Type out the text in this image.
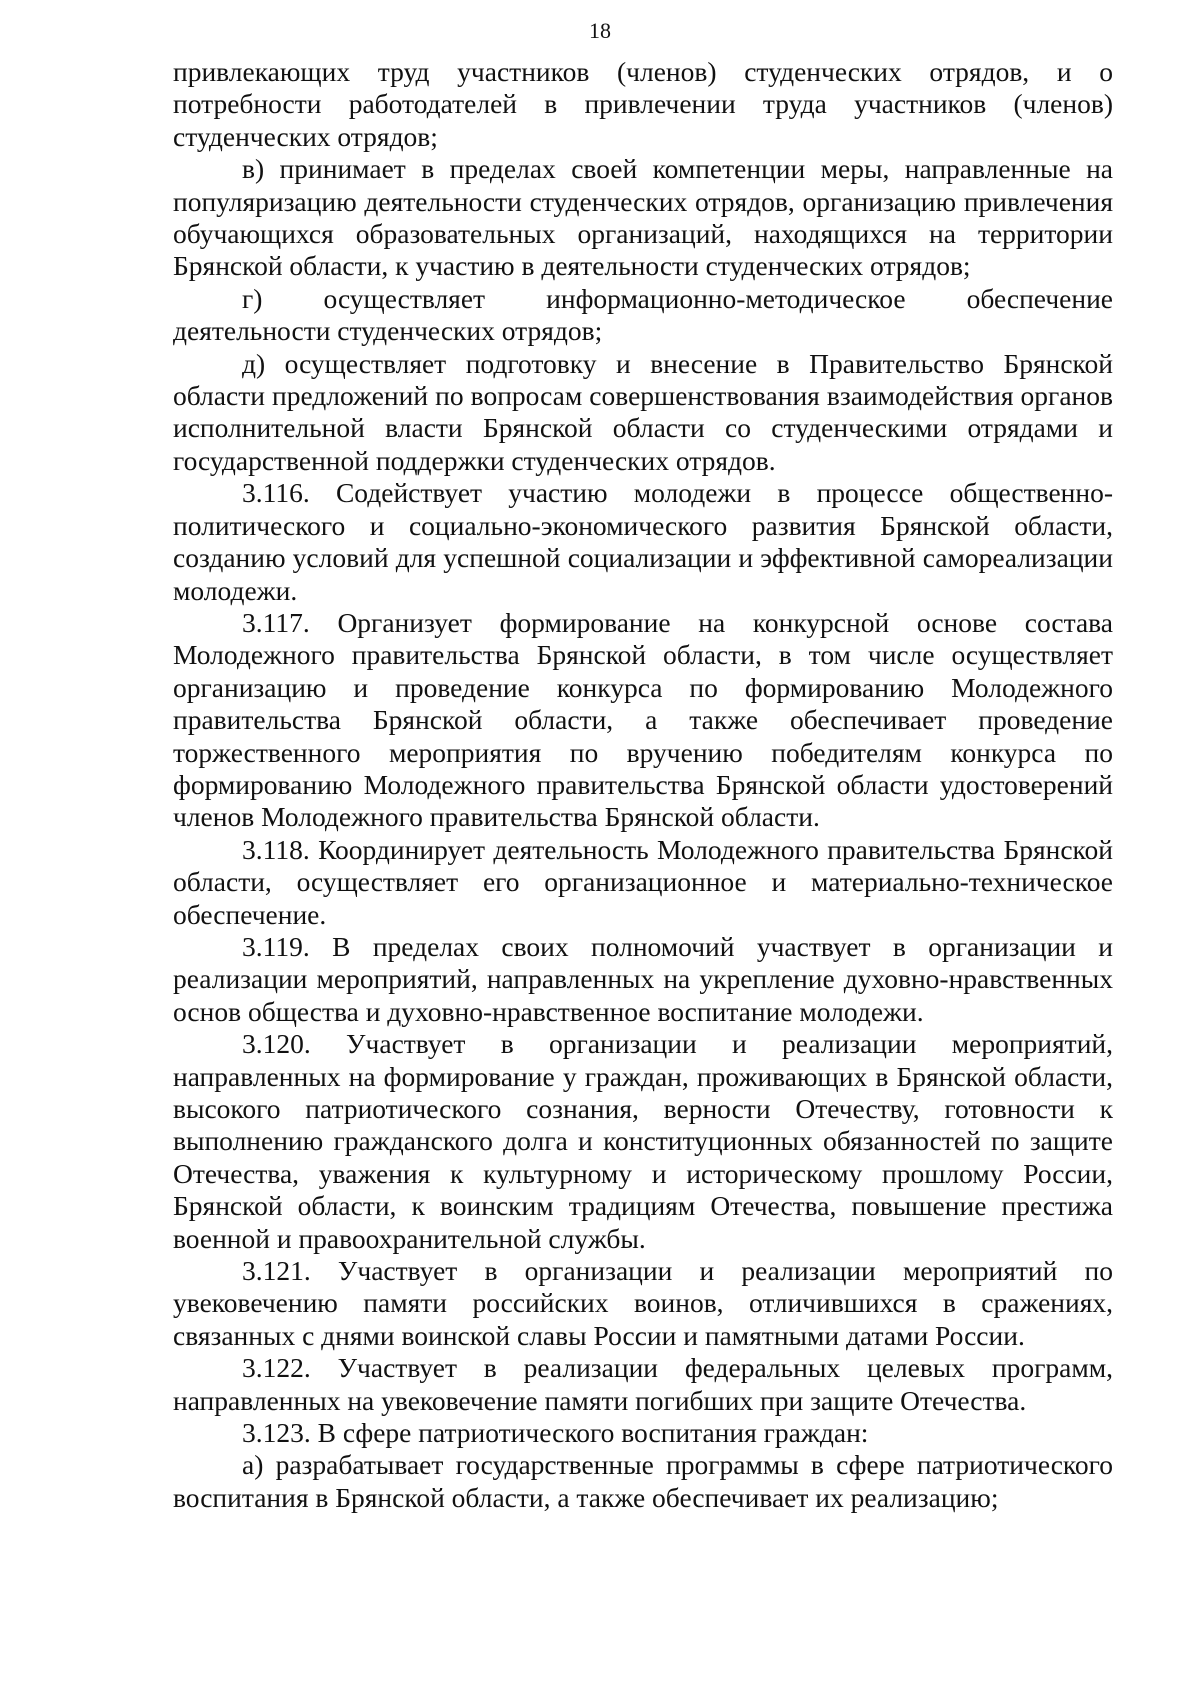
18

привлекающих труд участников (членов) студенческих отрядов, и о потребности работодателей в привлечении труда участников (членов) студенческих отрядов;

в) принимает в пределах своей компетенции меры, направленные на популяризацию деятельности студенческих отрядов, организацию привлечения обучающихся образовательных организаций, находящихся на территории Брянской области, к участию в деятельности студенческих отрядов;

г) осуществляет информационно-методическое обеспечение деятельности студенческих отрядов;

д) осуществляет подготовку и внесение в Правительство Брянской области предложений по вопросам совершенствования взаимодействия органов исполнительной власти Брянской области со студенческими отрядами и государственной поддержки студенческих отрядов.

3.116. Содействует участию молодежи в процессе общественно-политического и социально-экономического развития Брянской области, созданию условий для успешной социализации и эффективной самореализации молодежи.

3.117. Организует формирование на конкурсной основе состава Молодежного правительства Брянской области, в том числе осуществляет организацию и проведение конкурса по формированию Молодежного правительства Брянской области, а также обеспечивает проведение торжественного мероприятия по вручению победителям конкурса по формированию Молодежного правительства Брянской области удостоверений членов Молодежного правительства Брянской области.

3.118. Координирует деятельность Молодежного правительства Брянской области, осуществляет его организационное и материально-техническое обеспечение.

3.119. В пределах своих полномочий участвует в организации и реализации мероприятий, направленных на укрепление духовно-нравственных основ общества и духовно-нравственное воспитание молодежи.

3.120. Участвует в организации и реализации мероприятий, направленных на формирование у граждан, проживающих в Брянской области, высокого патриотического сознания, верности Отечеству, готовности к выполнению гражданского долга и конституционных обязанностей по защите Отечества, уважения к культурному и историческому прошлому России, Брянской области, к воинским традициям Отечества, повышение престижа военной и правоохранительной службы.

3.121. Участвует в организации и реализации мероприятий по увековечению памяти российских воинов, отличившихся в сражениях, связанных с днями воинской славы России и памятными датами России.

3.122. Участвует в реализации федеральных целевых программ, направленных на увековечение памяти погибших при защите Отечества.

3.123. В сфере патриотического воспитания граждан:

а) разрабатывает государственные программы в сфере патриотического воспитания в Брянской области, а также обеспечивает их реализацию;
